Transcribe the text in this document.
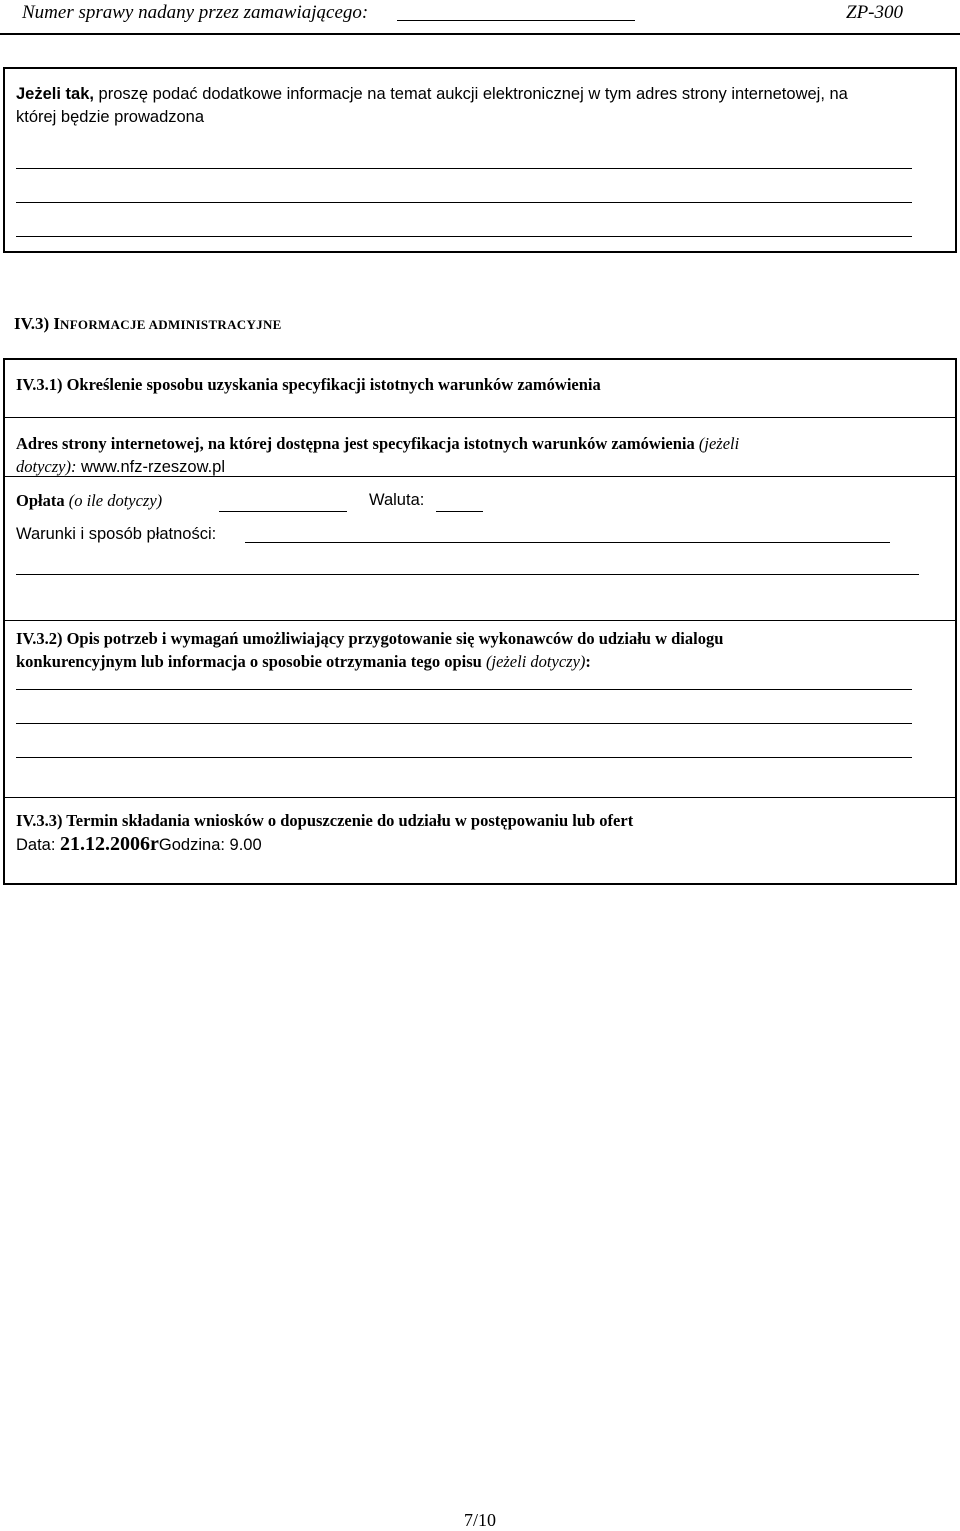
Numer sprawy nadany przez zamawiającego:	ZP-300
Jeżeli tak, proszę podać dodatkowe informacje na temat aukcji elektronicznej w tym adres strony internetowej, na
której będzie prowadzona
IV.3) INFORMACJE ADMINISTRACYJNE
IV.3.1) Określenie sposobu uzyskania specyfikacji istotnych warunków zamówienia
Adres strony internetowej, na której dostępna jest specyfikacja istotnych warunków zamówienia (jeżeli
dotyczy): www.nfz-rzeszow.pl
Opłata (o ile dotyczy)	Waluta:
Warunki i sposób płatności:
IV.3.2) Opis potrzeb i wymagań umożliwiający przygotowanie się wykonawców do udziału w dialogu
konkurencyjnym lub informacja o sposobie otrzymania tego opisu (jeżeli dotyczy):
IV.3.3) Termin składania wniosków o dopuszczenie do udziału w postępowaniu lub ofert
Data: 21.12.2006rGodzina: 9.00
7/10
